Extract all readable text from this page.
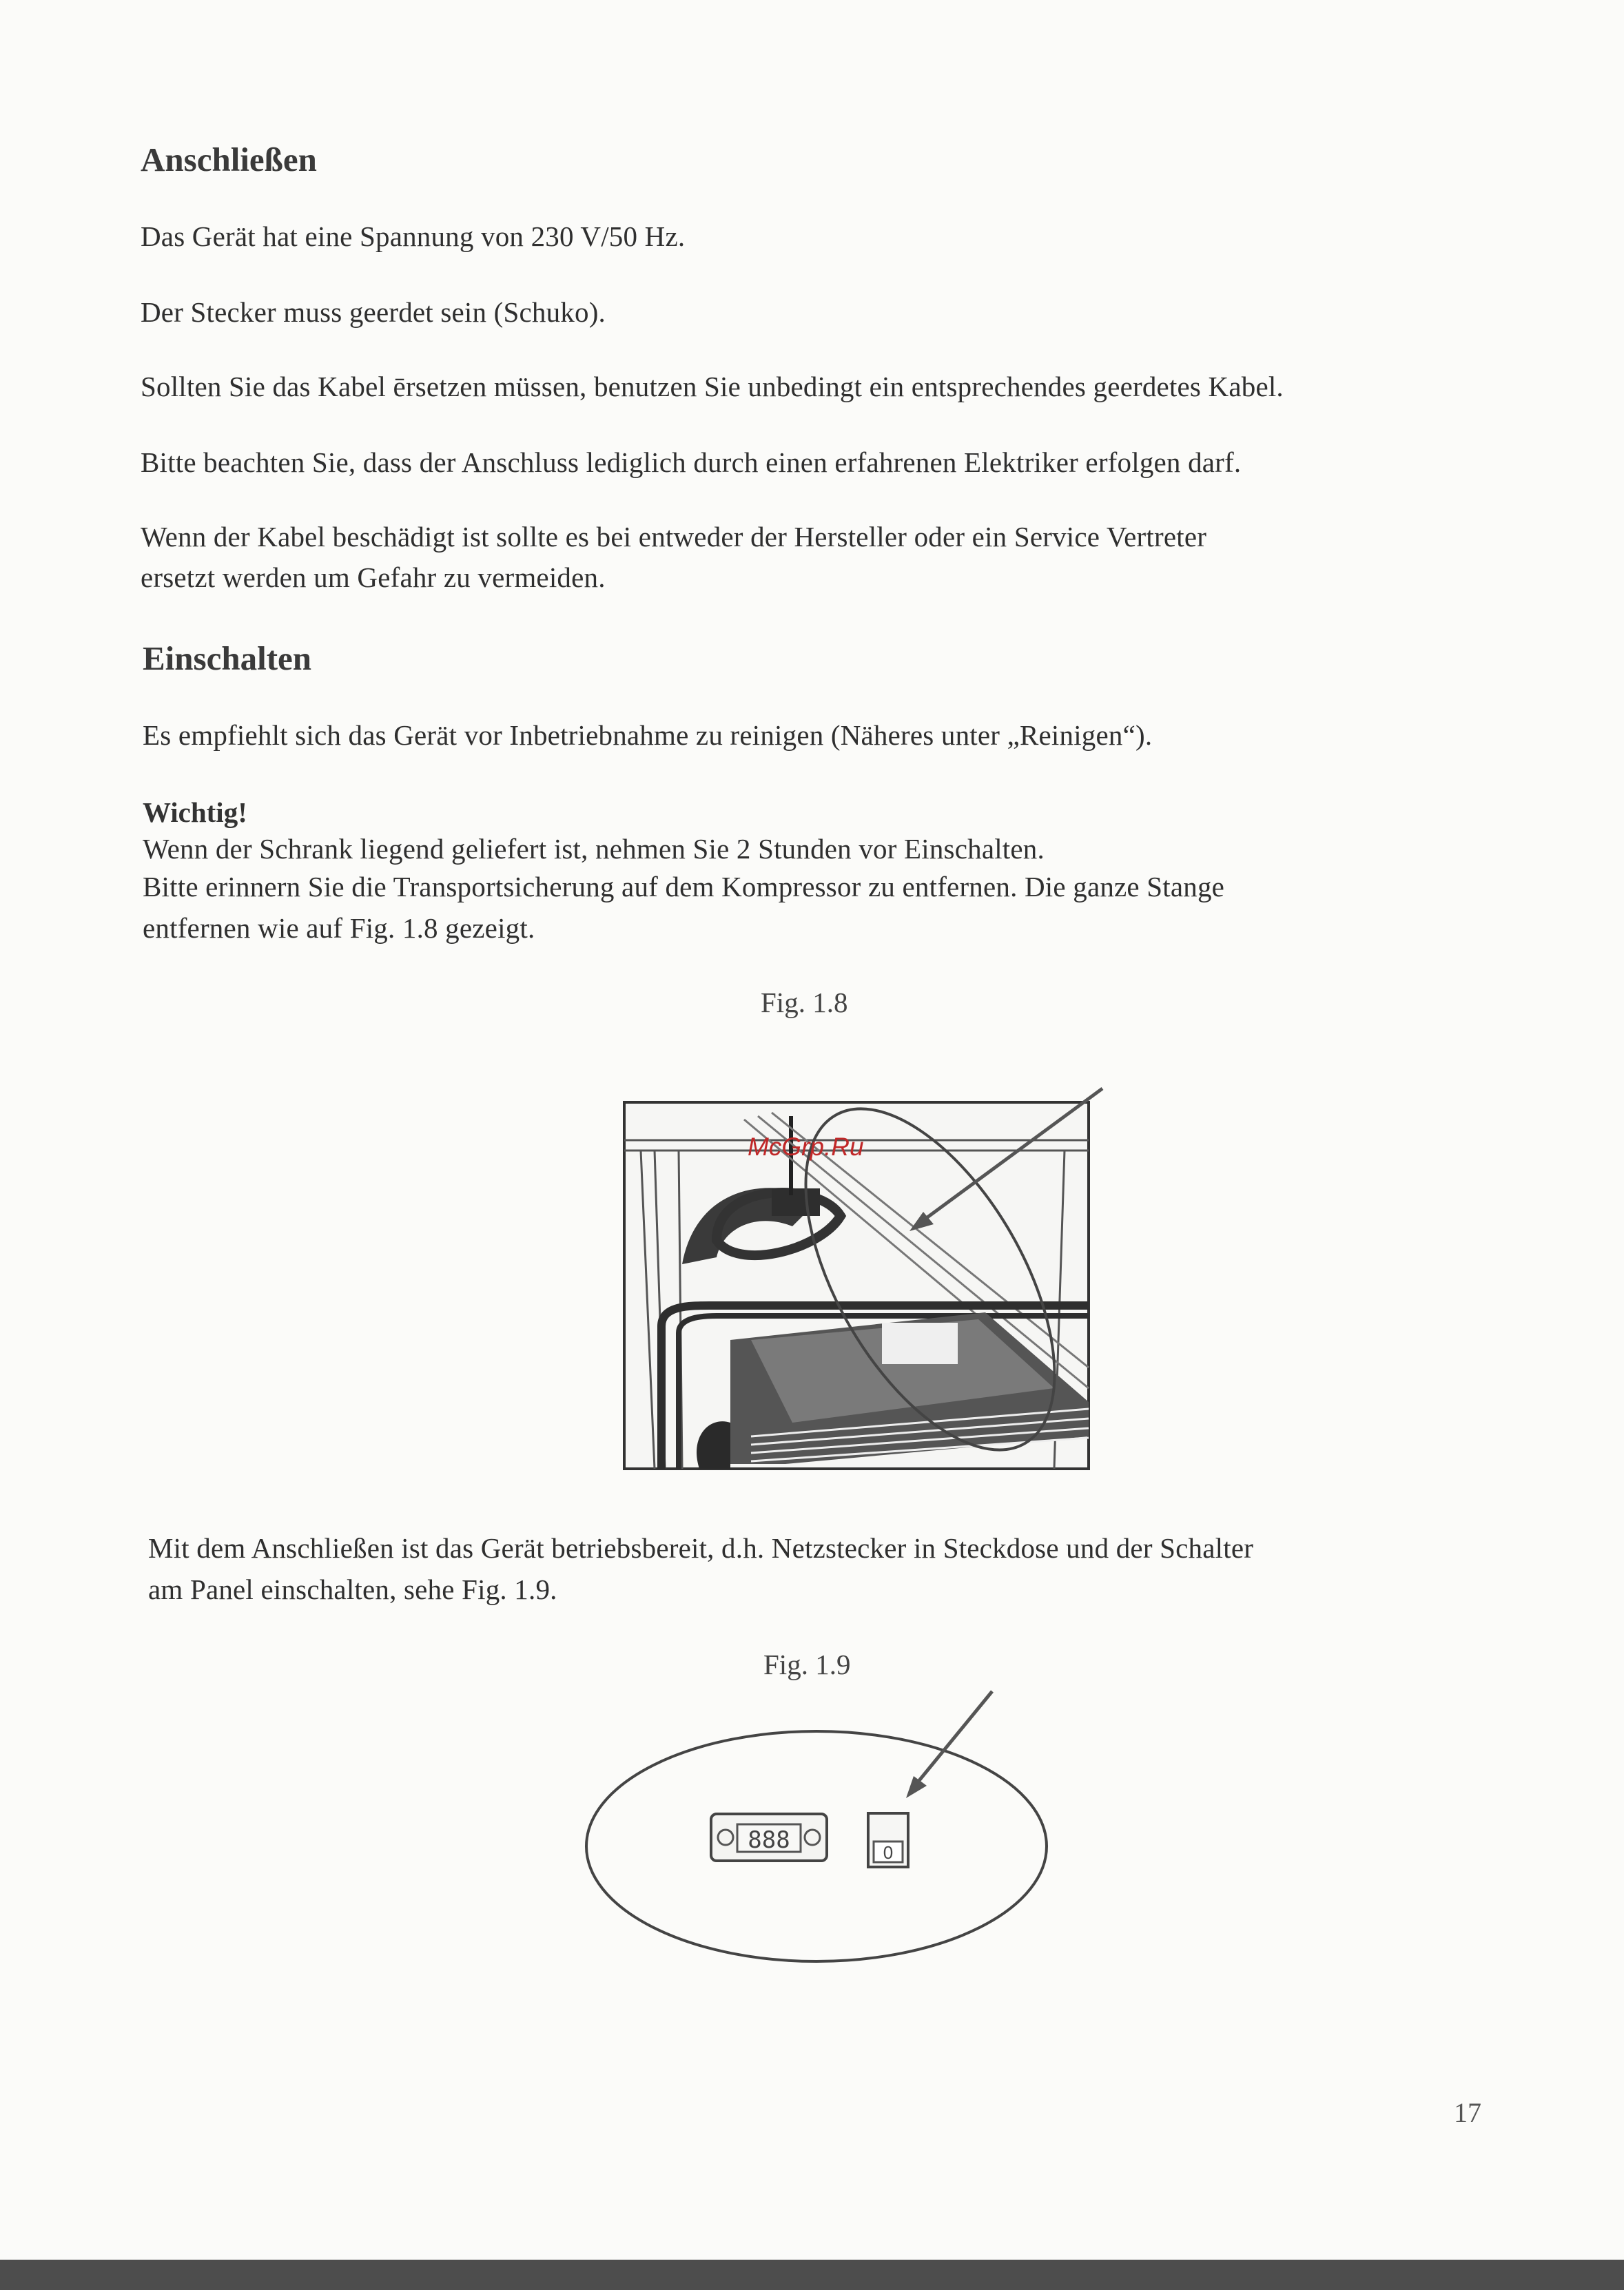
Anschließen

Das Gerät hat eine Spannung von 230 V/50 Hz.

Der Stecker muss geerdet sein (Schuko).

Sollten Sie das Kabel ērsetzen müssen, benutzen Sie unbedingt ein entsprechendes geerdetes Kabel.

Bitte beachten Sie, dass der Anschluss lediglich durch einen erfahrenen Elektriker erfolgen darf.

Wenn der Kabel beschädigt ist sollte es bei entweder der Hersteller oder ein Service Vertreter

ersetzt werden um Gefahr zu vermeiden.

Einschalten

Es empfiehlt sich das Gerät vor Inbetriebnahme zu reinigen (Näheres unter „Reinigen“).

Wichtig!

Wenn der Schrank liegend geliefert ist, nehmen Sie 2 Stunden vor Einschalten.

Bitte erinnern Sie die Transportsicherung auf dem Kompressor zu entfernen. Die ganze Stange

entfernen wie auf Fig. 1.8 gezeigt.

Fig. 1.8

McGrp.Ru

Mit dem Anschließen ist das Gerät betriebsbereit, d.h. Netzstecker in Steckdose und der Schalter

am Panel einschalten, sehe Fig. 1.9.

Fig. 1.9

888	0

17
